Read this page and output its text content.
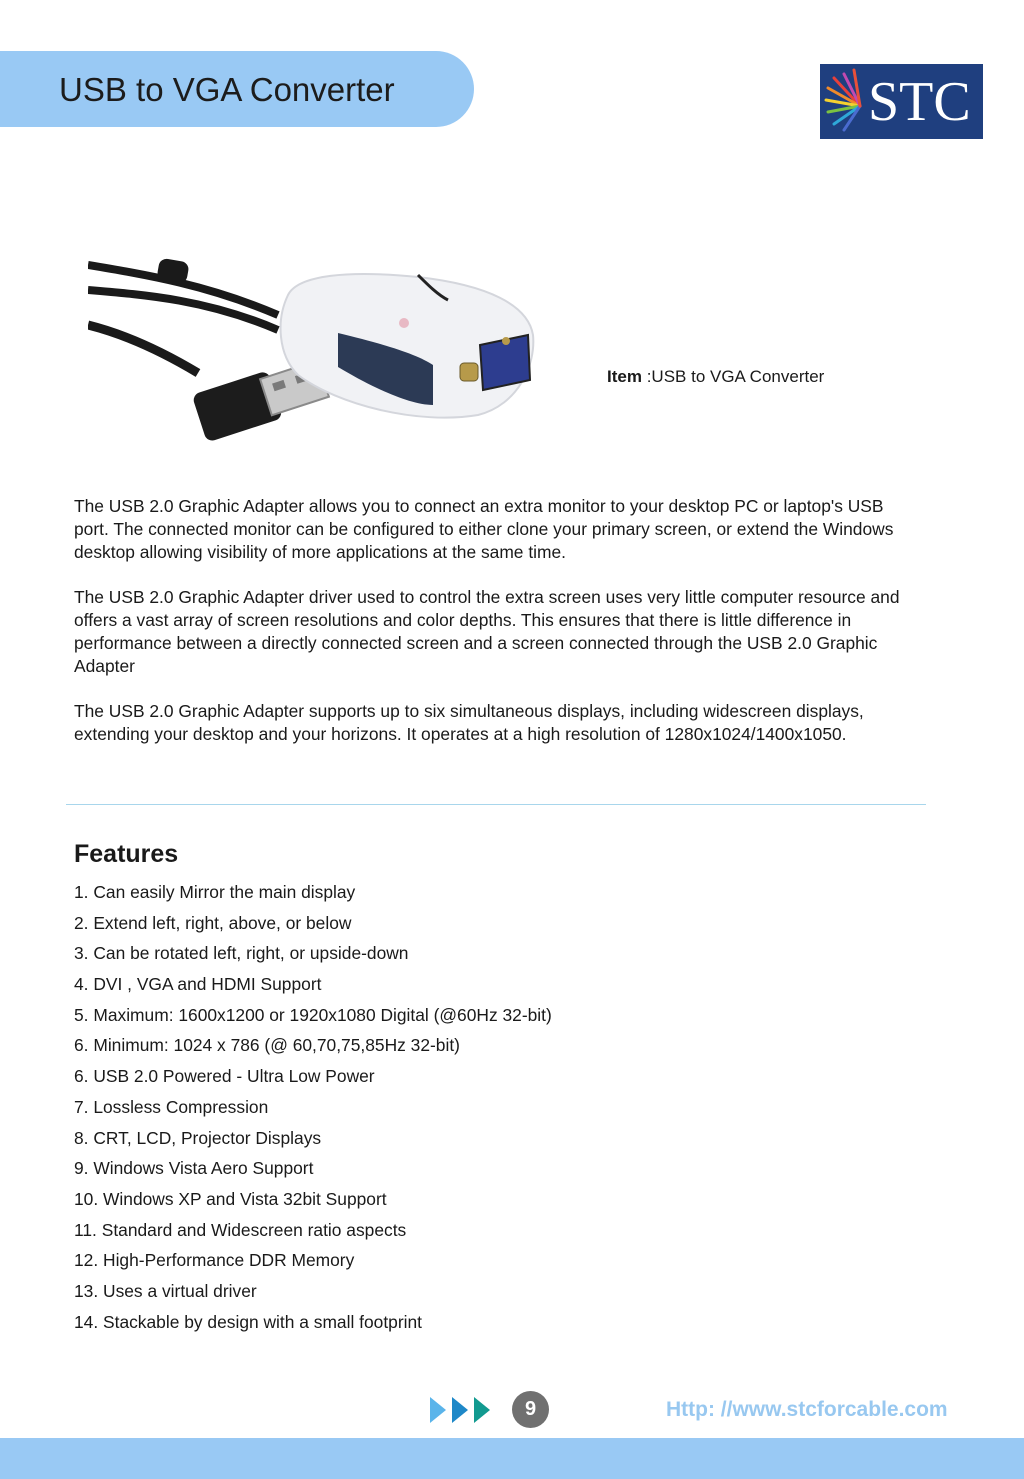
USB to VGA Converter	STC
Item :USB to VGA Converter

The USB 2.0 Graphic Adapter allows you to connect an extra monitor to your desktop PC or laptop's USB port. The connected monitor can be configured to either clone your primary screen, or extend the Windows desktop allowing visibility of more applications at the same time.

The USB 2.0 Graphic Adapter driver used to control the extra screen uses very little computer resource and offers a vast array of screen resolutions and color depths. This ensures that there is little difference in performance between a directly connected screen and a screen connected through the USB 2.0 Graphic Adapter

The USB 2.0 Graphic Adapter supports up to six simultaneous displays, including widescreen displays, extending your desktop and your horizons. It operates at a high resolution of 1280x1024/1400x1050.

Features
1. Can easily Mirror the main display
2. Extend left, right, above, or below
3. Can be rotated left, right, or upside-down
4. DVI , VGA and HDMI Support
5. Maximum: 1600x1200 or 1920x1080 Digital (@60Hz 32-bit)
6. Minimum: 1024 x 786 (@ 60,70,75,85Hz 32-bit)
6. USB 2.0 Powered - Ultra Low Power
7. Lossless Compression
8. CRT, LCD, Projector Displays
9. Windows Vista Aero Support
10. Windows XP and Vista 32bit Support
11. Standard and Widescreen ratio aspects
12. High-Performance DDR Memory
13. Uses a virtual driver
14. Stackable by design with a small footprint
9	Http: //www.stcforcable.com
